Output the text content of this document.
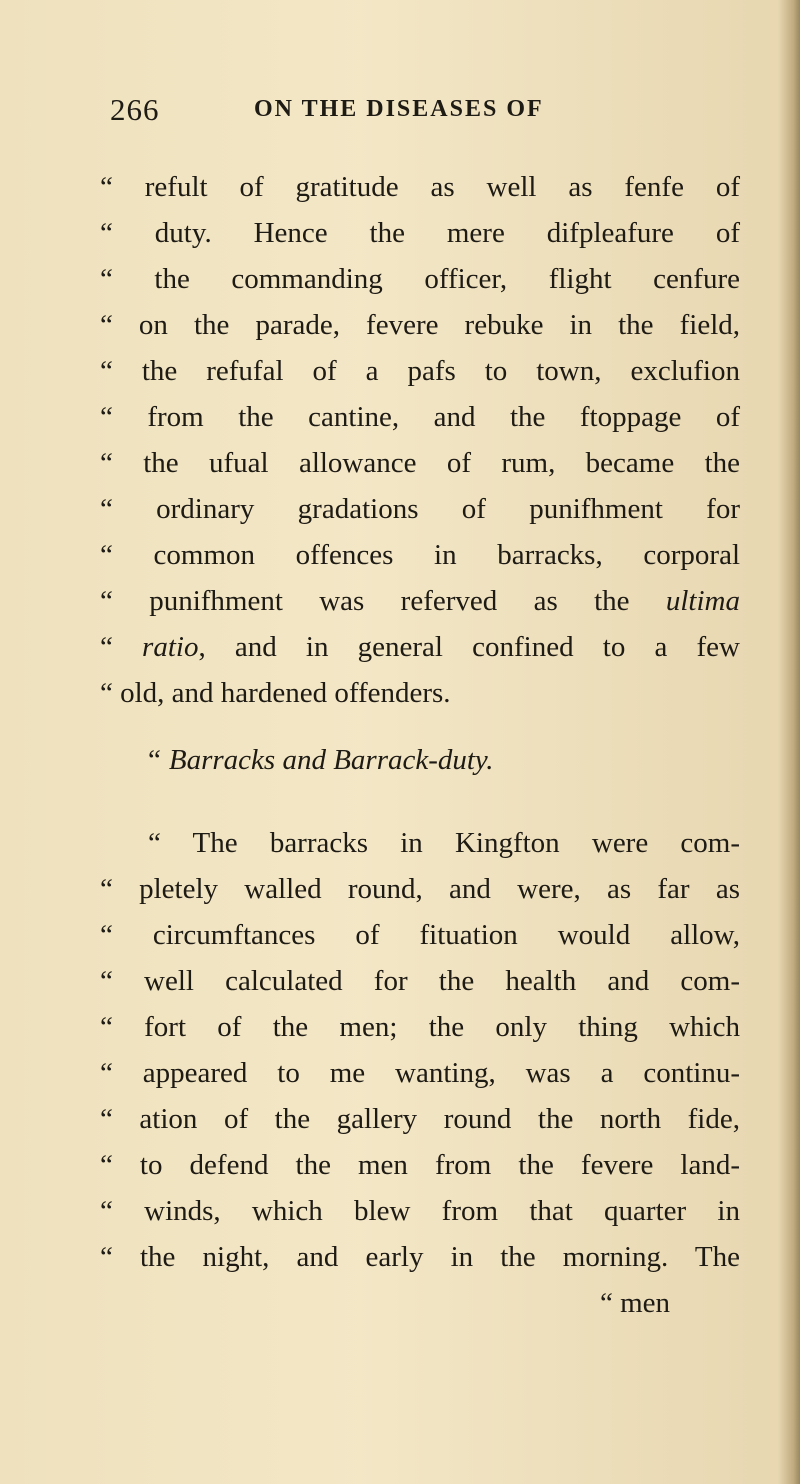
266	ON THE DISEASES OF
“ refult of gratitude as well as fenfe of
“ duty. Hence the mere difpleafure of
“ the commanding officer, flight cenfure
“ on the parade, fevere rebuke in the field,
“ the refufal of a pafs to town, exclufion
“ from the cantine, and the ftoppage of
“ the ufual allowance of rum, became the
“ ordinary gradations of punifhment for
“ common offences in barracks, corporal
“ punifhment was referved as the ultima
“ ratio, and in general confined to a few
“ old, and hardened offenders.
“ Barracks and Barrack-duty.
“ The barracks in Kingfton were com-
“ pletely walled round, and were, as far as
“ circumftances of fituation would allow,
“ well calculated for the health and com-
“ fort of the men; the only thing which
“ appeared to me wanting, was a continu-
“ ation of the gallery round the north fide,
“ to defend the men from the fevere land-
“ winds, which blew from that quarter in
“ the night, and early in the morning. The
“ men
